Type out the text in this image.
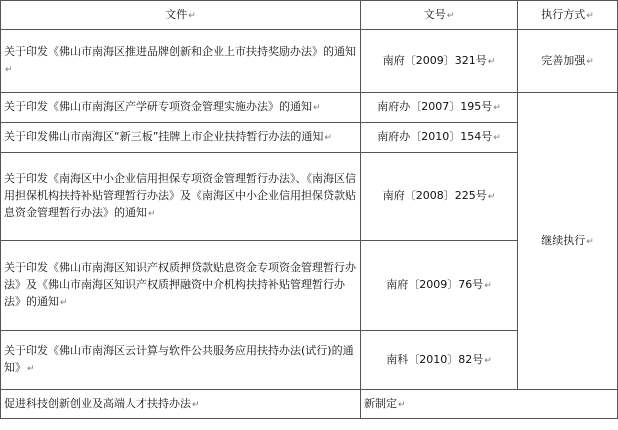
文件↵	文号↵	执行方式↵
关于印发《佛山市南海区推进品牌创新和企业上市扶持奖励办法》的通知↵	南府〔2009〕321号↵	完善加强↵
关于印发《佛山市南海区产学研专项资金管理实施办法》的通知↵	南府办〔2007〕195号↵	继续执行↵
关于印发佛山市南海区“新三板”挂牌上市企业扶持暂行办法的通知↵	南府办〔2010〕154号↵	
关于印发《南海区中小企业信用担保专项资金管理暂行办法》、《南海区信用担保机构扶持补贴管理暂行办法》及《南海区中小企业信用担保贷款贴息资金管理暂行办法》的通知↵	南府〔2008〕225号↵	
关于印发《佛山市南海区知识产权质押贷款贴息资金专项资金管理暂行办法》及《佛山市南海区知识产权质押融资中介机构扶持补贴管理暂行办法》的通知↵	南府〔2009〕76号↵	
关于印发《佛山市南海区云计算与软件公共服务应用扶持办法(试行)的通知》↵	南科〔2010〕82号↵	
促进科技创新创业及高端人才扶持办法↵	新制定↵	
